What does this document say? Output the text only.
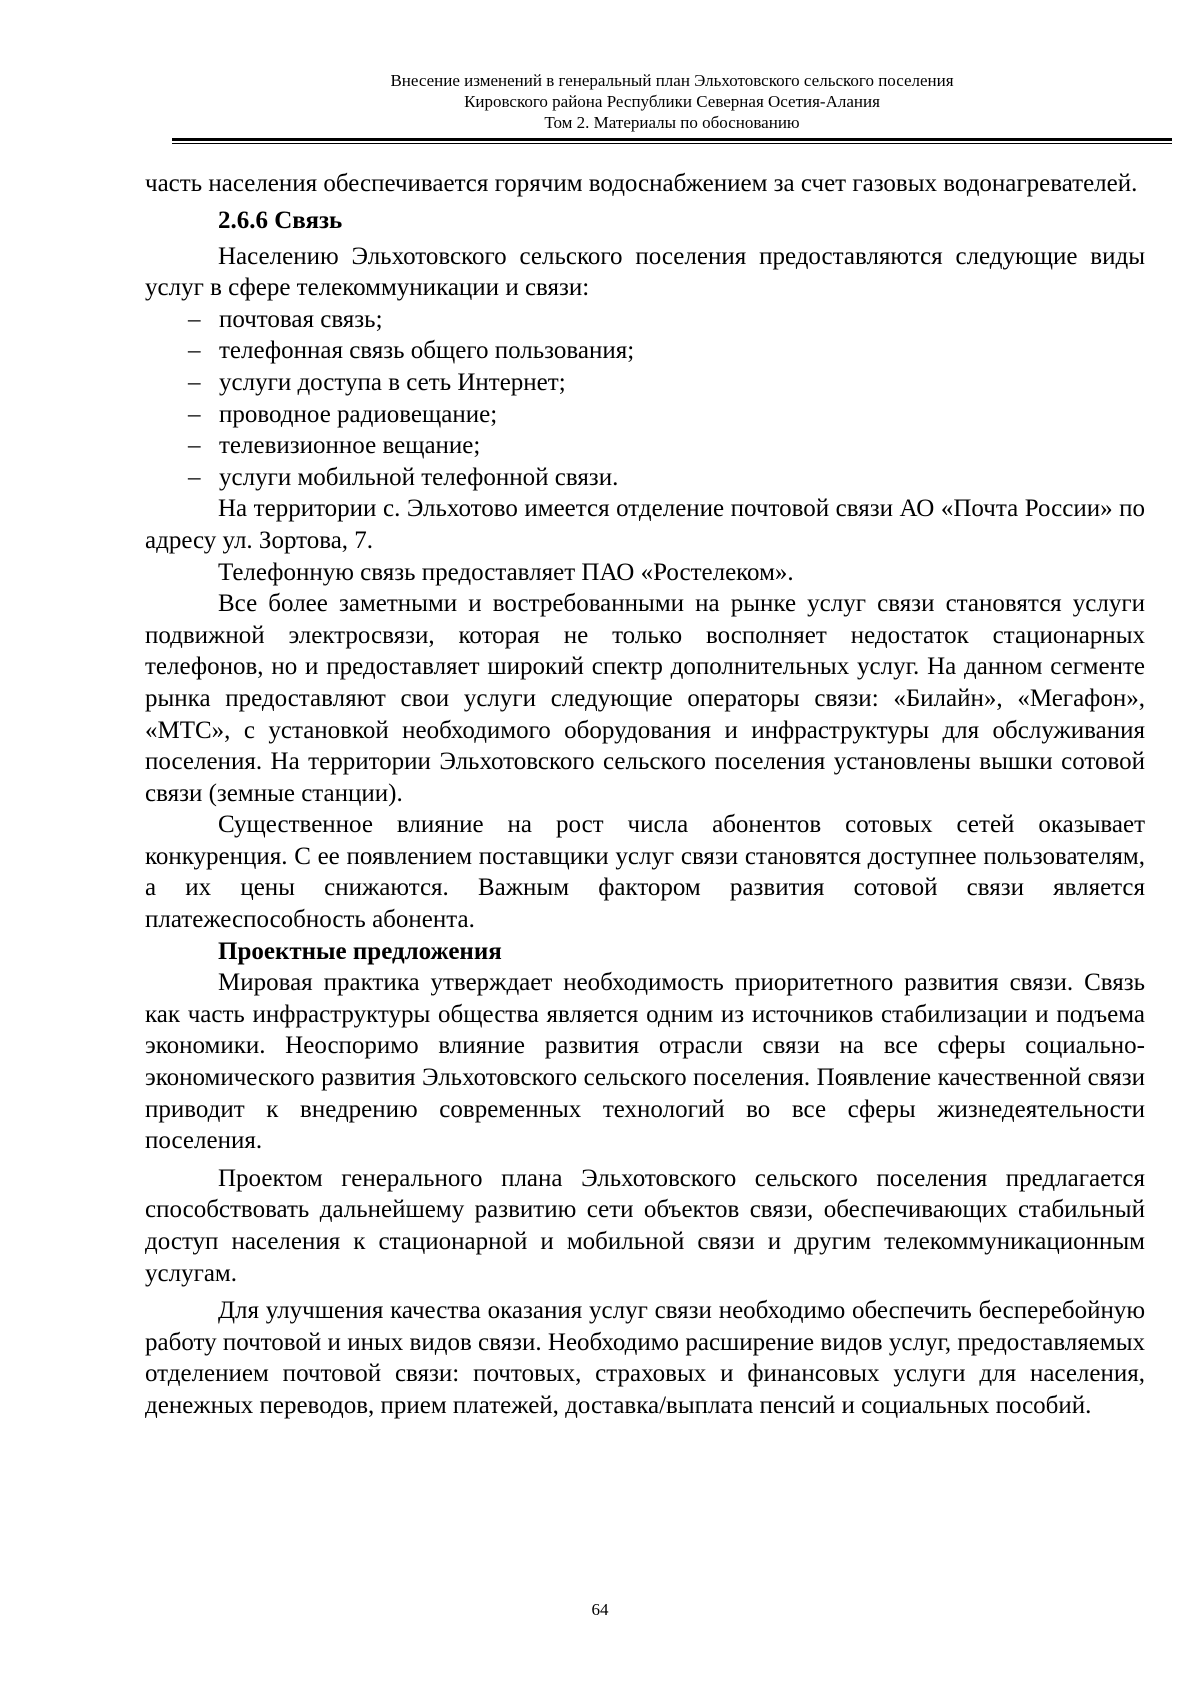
Внесение изменений в генеральный план Эльхотовского сельского поселения
Кировского района Республики Северная Осетия-Алания
Том 2. Материалы по обоснованию

часть населения обеспечивается горячим водоснабжением за счет газовых водонагревателей.

2.6.6 Связь

Населению Эльхотовского сельского поселения предоставляются следующие виды услуг в сфере телекоммуникации и связи:

– почтовая связь;
– телефонная связь общего пользования;
– услуги доступа в сеть Интернет;
– проводное радиовещание;
– телевизионное вещание;
– услуги мобильной телефонной связи.

На территории с. Эльхотово имеется отделение почтовой связи АО «Почта России» по адресу ул. Зортова, 7.

Телефонную связь предоставляет ПАО «Ростелеком».

Все более заметными и востребованными на рынке услуг связи становятся услуги подвижной электросвязи, которая не только восполняет недостаток стационарных телефонов, но и предоставляет широкий спектр дополнительных услуг. На данном сегменте рынка предоставляют свои услуги следующие операторы связи: «Билайн», «Мегафон», «МТС», с установкой необходимого оборудования и инфраструктуры для обслуживания поселения. На территории Эльхотовского сельского поселения установлены вышки сотовой связи (земные станции).

Существенное влияние на рост числа абонентов сотовых сетей оказывает конкуренция. С ее появлением поставщики услуг связи становятся доступнее пользователям, а их цены снижаются. Важным фактором развития сотовой связи является платежеспособность абонента.

Проектные предложения

Мировая практика утверждает необходимость приоритетного развития связи. Связь как часть инфраструктуры общества является одним из источников стабилизации и подъема экономики. Неоспоримо влияние развития отрасли связи на все сферы социально-экономического развития Эльхотовского сельского поселения. Появление качественной связи приводит к внедрению современных технологий во все сферы жизнедеятельности поселения.

Проектом генерального плана Эльхотовского сельского поселения предлагается способствовать дальнейшему развитию сети объектов связи, обеспечивающих стабильный доступ населения к стационарной и мобильной связи и другим телекоммуникационным услугам.

Для улучшения качества оказания услуг связи необходимо обеспечить бесперебойную работу почтовой и иных видов связи. Необходимо расширение видов услуг, предоставляемых отделением почтовой связи: почтовых, страховых и финансовых услуги для населения, денежных переводов, прием платежей, доставка/выплата пенсий и социальных пособий.

64
